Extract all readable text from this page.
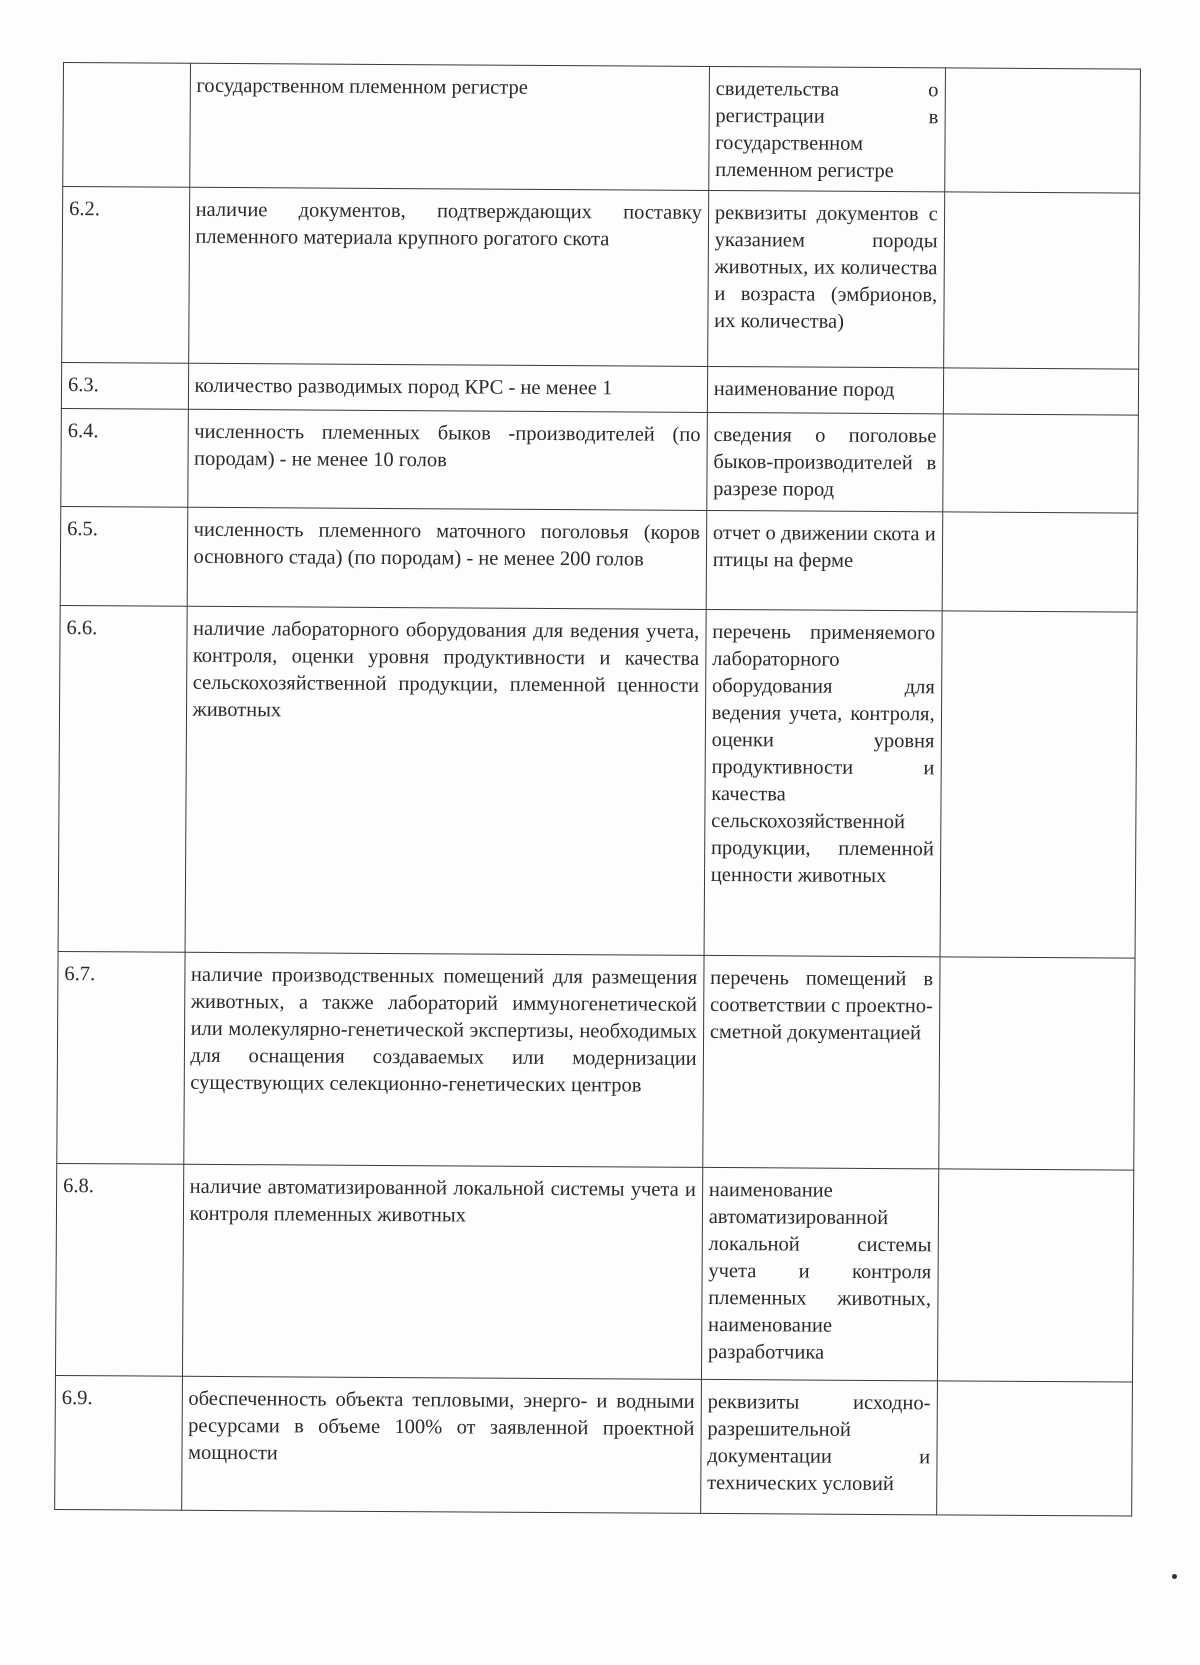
	государственном племенном регистре	свидетельства о регистрации в государственном племенном регистре	
6.2.	наличие документов, подтверждающих поставку племенного материала крупного рогатого скота	реквизиты документов с указанием породы животных, их количества и возраста (эмбрионов, их количества)	
6.3.	количество разводимых пород КРС - не менее 1	наименование пород	
6.4.	численность племенных быков -производителей (по породам) - не менее 10 голов	сведения о поголовье быков-производителей в разрезе пород	
6.5.	численность племенного маточного поголовья (коров основного стада) (по породам) - не менее 200 голов	отчет о движении скота и птицы на ферме	
6.6.	наличие лабораторного оборудования для ведения учета, контроля, оценки уровня продуктивности и качества сельскохозяйственной продукции, племенной ценности животных	перечень применяемого лабораторного оборудования для ведения учета, контроля, оценки уровня продуктивности и качества сельскохозяйственной продукции, племенной ценности животных	
6.7.	наличие производственных помещений для размещения животных, а также лабораторий иммуногенетической или молекулярно-генетической экспертизы, необходимых для оснащения создаваемых или модернизации существующих селекционно-генетических центров	перечень помещений в соответствии с проектно-сметной документацией	
6.8.	наличие автоматизированной локальной системы учета и контроля племенных животных	наименование автоматизированной локальной системы учета и контроля племенных животных, наименование разработчика	
6.9.	обеспеченность объекта тепловыми, энерго- и водными ресурсами в объеме 100% от заявленной проектной мощности	реквизиты исходно-разрешительной документации и технических условий	
